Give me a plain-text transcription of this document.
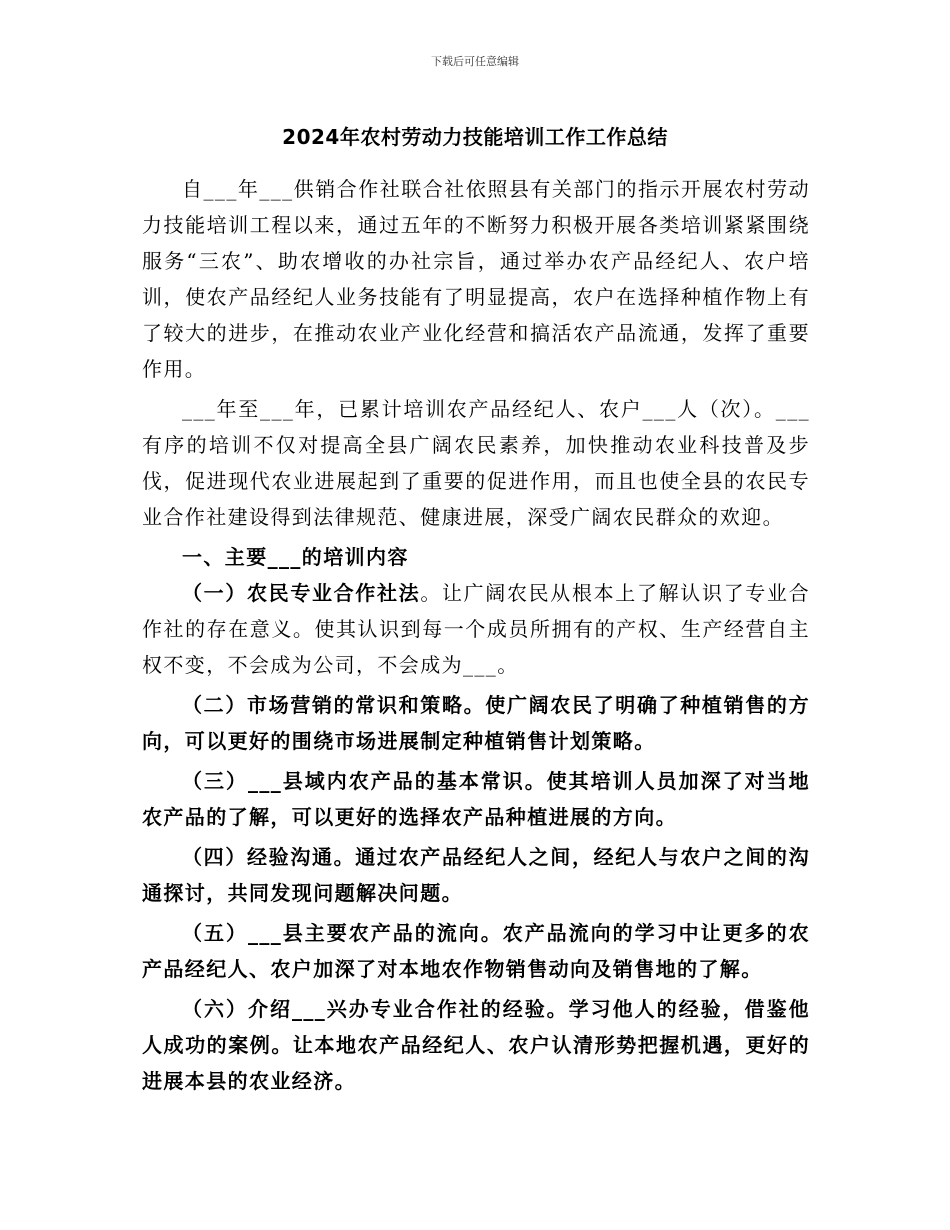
下载后可任意编辑
2024年农村劳动力技能培训工作工作总结

自___年___供销合作社联合社依照县有关部门的指示开展农村劳动力技能培训工程以来，通过五年的不断努力积极开展各类培训紧紧围绕服务“三农”、助农增收的办社宗旨，通过举办农产品经纪人、农户培训，使农产品经纪人业务技能有了明显提高，农户在选择种植作物上有了较大的进步，在推动农业产业化经营和搞活农产品流通，发挥了重要作用。

___年至___年，已累计培训农产品经纪人、农户___人（次）。___有序的培训不仅对提高全县广阔农民素养，加快推动农业科技普及步伐，促进现代农业进展起到了重要的促进作用，而且也使全县的农民专业合作社建设得到法律规范、健康进展，深受广阔农民群众的欢迎。

一、主要___的培训内容

（一）农民专业合作社法。让广阔农民从根本上了解认识了专业合作社的存在意义。使其认识到每一个成员所拥有的产权、生产经营自主权不变，不会成为公司，不会成为___。

（二）市场营销的常识和策略。使广阔农民了明确了种植销售的方向，可以更好的围绕市场进展制定种植销售计划策略。

（三）___县域内农产品的基本常识。使其培训人员加深了对当地农产品的了解，可以更好的选择农产品种植进展的方向。

（四）经验沟通。通过农产品经纪人之间，经纪人与农户之间的沟通探讨，共同发现问题解决问题。

（五）___县主要农产品的流向。农产品流向的学习中让更多的农产品经纪人、农户加深了对本地农作物销售动向及销售地的了解。

（六）介绍___兴办专业合作社的经验。学习他人的经验，借鉴他人成功的案例。让本地农产品经纪人、农户认清形势把握机遇，更好的进展本县的农业经济。
